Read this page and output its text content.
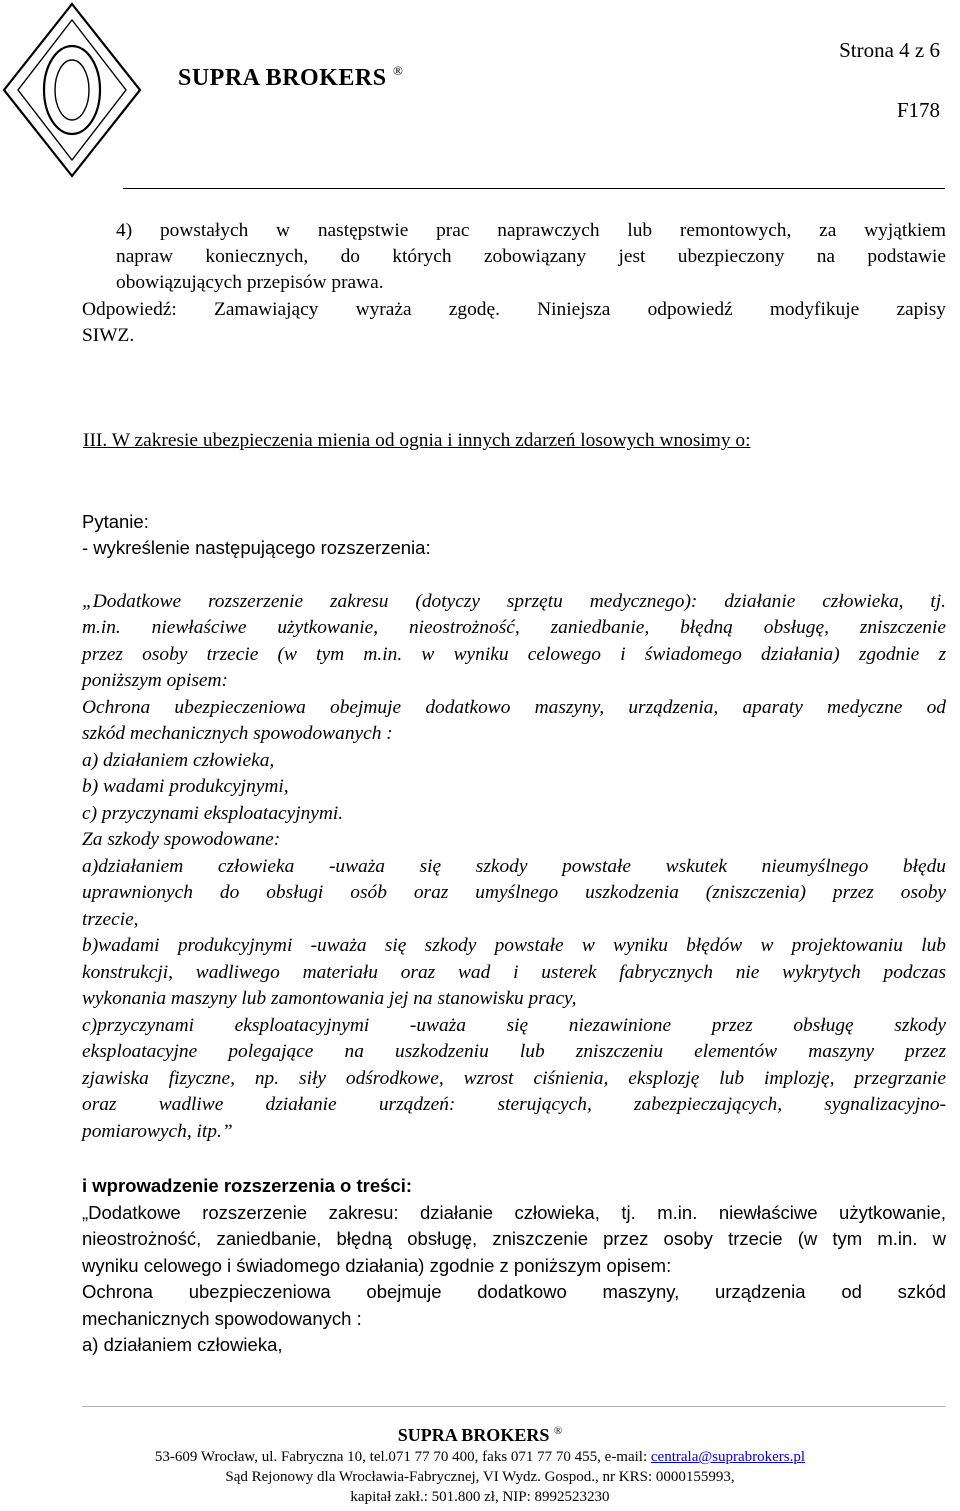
Strona 4 z 6
SUPRA BROKERS ®
F178
4) powstałych w następstwie prac naprawczych lub remontowych, za wyjątkiem
napraw koniecznych, do których zobowiązany jest ubezpieczony na podstawie
obowiązujących przepisów prawa.
Odpowiedź: Zamawiający wyraża zgodę. Niniejsza odpowiedź modyfikuje zapisy
SIWZ.
III. W zakresie ubezpieczenia mienia od ognia i innych zdarzeń losowych wnosimy o:
Pytanie:
- wykreślenie następującego rozszerzenia:
„Dodatkowe rozszerzenie zakresu (dotyczy sprzętu medycznego): działanie człowieka, tj.
m.in. niewłaściwe użytkowanie, nieostrożność, zaniedbanie, błędną obsługę, zniszczenie
przez osoby trzecie (w tym m.in. w wyniku celowego i świadomego działania) zgodnie z
poniższym opisem:
Ochrona ubezpieczeniowa obejmuje dodatkowo maszyny, urządzenia, aparaty medyczne od
szkód mechanicznych spowodowanych :
a) działaniem człowieka,
b) wadami produkcyjnymi,
c) przyczynami eksploatacyjnymi.
Za szkody spowodowane:
a)działaniem człowieka -uważa się szkody powstałe wskutek nieumyślnego błędu
uprawnionych do obsługi osób oraz umyślnego uszkodzenia (zniszczenia) przez osoby
trzecie,
b)wadami produkcyjnymi -uważa się szkody powstałe w wyniku błędów w projektowaniu lub
konstrukcji, wadliwego materiału oraz wad i usterek fabrycznych nie wykrytych podczas
wykonania maszyny lub zamontowania jej na stanowisku pracy,
c)przyczynami eksploatacyjnymi -uważa się niezawinione przez obsługę szkody
eksploatacyjne polegające na uszkodzeniu lub zniszczeniu elementów maszyny przez
zjawiska fizyczne, np. siły odśrodkowe, wzrost ciśnienia, eksplozję lub implozję, przegrzanie
oraz wadliwe działanie urządzeń: sterujących, zabezpieczających, sygnalizacyjno-
pomiarowych, itp.”
i wprowadzenie rozszerzenia o treści:
„Dodatkowe rozszerzenie zakresu: działanie człowieka, tj. m.in. niewłaściwe użytkowanie,
nieostrożność, zaniedbanie, błędną obsługę, zniszczenie przez osoby trzecie (w tym m.in. w
wyniku celowego i świadomego działania) zgodnie z poniższym opisem:
Ochrona ubezpieczeniowa obejmuje dodatkowo maszyny, urządzenia od szkód
mechanicznych spowodowanych :
a) działaniem człowieka,
SUPRA BROKERS ®
53-609 Wrocław, ul. Fabryczna 10, tel.071 77 70 400, faks 071 77 70 455, e-mail: centrala@suprabrokers.pl
Sąd Rejonowy dla Wrocławia-Fabrycznej, VI Wydz. Gospod., nr KRS: 0000155993,
kapitał zakł.: 501.800 zł, NIP: 8992523230
